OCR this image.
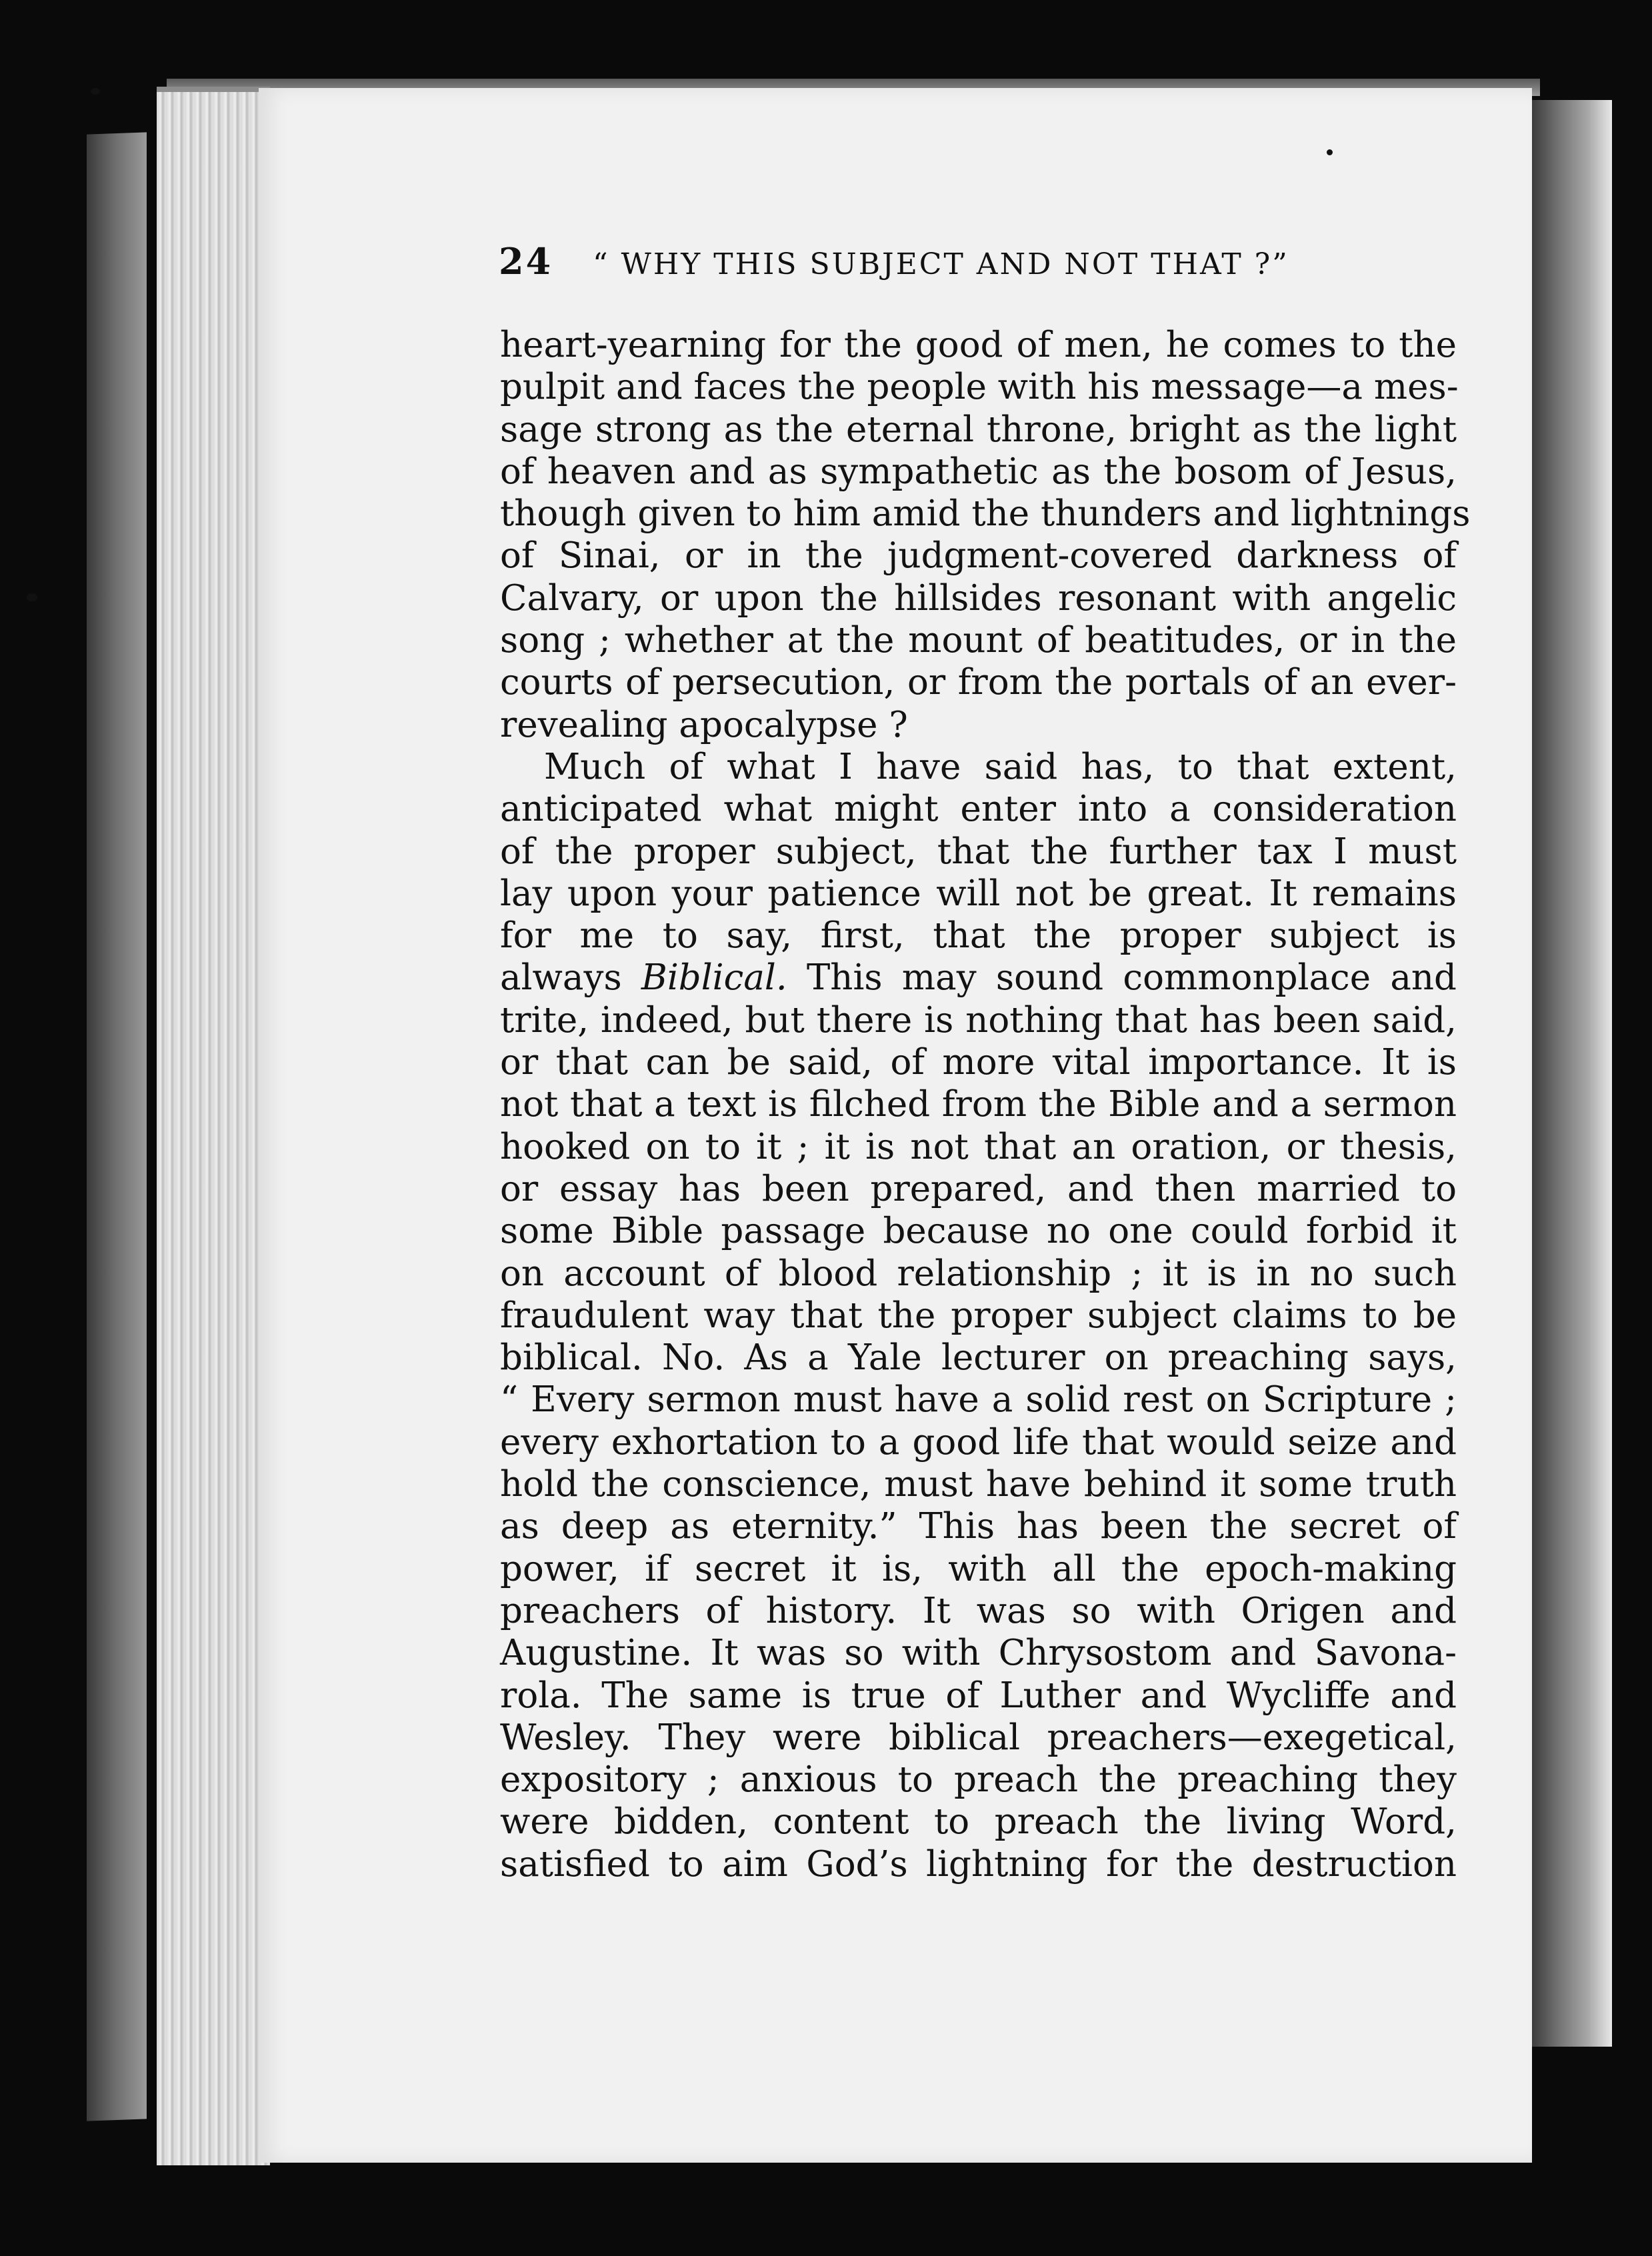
24 “ WHY THIS SUBJECT AND NOT THAT ?”
heart-yearning for the good of men, he comes to the
pulpit and faces the people with his message—a mes-
sage strong as the eternal throne, bright as the light
of heaven and as sympathetic as the bosom of Jesus,
though given to him amid the thunders and lightnings
of Sinai, or in the judgment-covered darkness of
Calvary, or upon the hillsides resonant with angelic
song ; whether at the mount of beatitudes, or in the
courts of persecution, or from the portals of an ever-
revealing apocalypse ?
Much of what I have said has, to that extent,
anticipated what might enter into a consideration
of the proper subject, that the further tax I must
lay upon your patience will not be great. It remains
for me to say, first, that the proper subject is
always Biblical. This may sound commonplace and
trite, indeed, but there is nothing that has been said,
or that can be said, of more vital importance. It is
not that a text is filched from the Bible and a sermon
hooked on to it ; it is not that an oration, or thesis,
or essay has been prepared, and then married to
some Bible passage because no one could forbid it
on account of blood relationship ; it is in no such
fraudulent way that the proper subject claims to be
biblical. No. As a Yale lecturer on preaching says,
“ Every sermon must have a solid rest on Scripture ;
every exhortation to a good life that would seize and
hold the conscience, must have behind it some truth
as deep as eternity.” This has been the secret of
power, if secret it is, with all the epoch-making
preachers of history. It was so with Origen and
Augustine. It was so with Chrysostom and Savona-
rola. The same is true of Luther and Wycliffe and
Wesley. They were biblical preachers—exegetical,
expository ; anxious to preach the preaching they
were bidden, content to preach the living Word,
satisfied to aim God’s lightning for the destruction
